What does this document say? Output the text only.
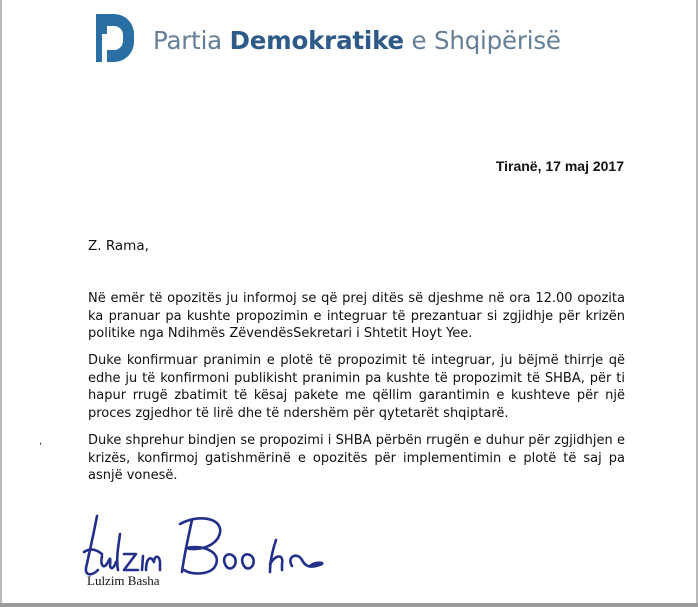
Partia Demokratike e Shqipërisë
Tiranë, 17 maj 2017
Z. Rama,

Në emër të opozitës ju informoj se që prej ditës së djeshme në ora 12.00 opozita ka pranuar pa kushte propozimin e integruar të prezantuar si zgjidhje për krizën politike nga Ndihmës ZëvendësSekretari i Shtetit Hoyt Yee.

Duke konfirmuar pranimin e plotë të propozimit të integruar, ju bëjmë thirrje që edhe ju të konfirmoni publikisht pranimin pa kushte të propozimit të SHBA, për ti hapur rrugë zbatimit të kësaj pakete me qëllim garantimin e kushteve për një proces zgjedhor të lirë dhe të ndershëm për qytetarët shqiptarë.

Duke shprehur bindjen se propozimi i SHBA përbën rrugën e duhur për zgjidhjen e krizës, konfirmoj gatishmërinë e opozitës për implementimin e plotë të saj pa asnjë vonesë.

,
Lulzim Basha
